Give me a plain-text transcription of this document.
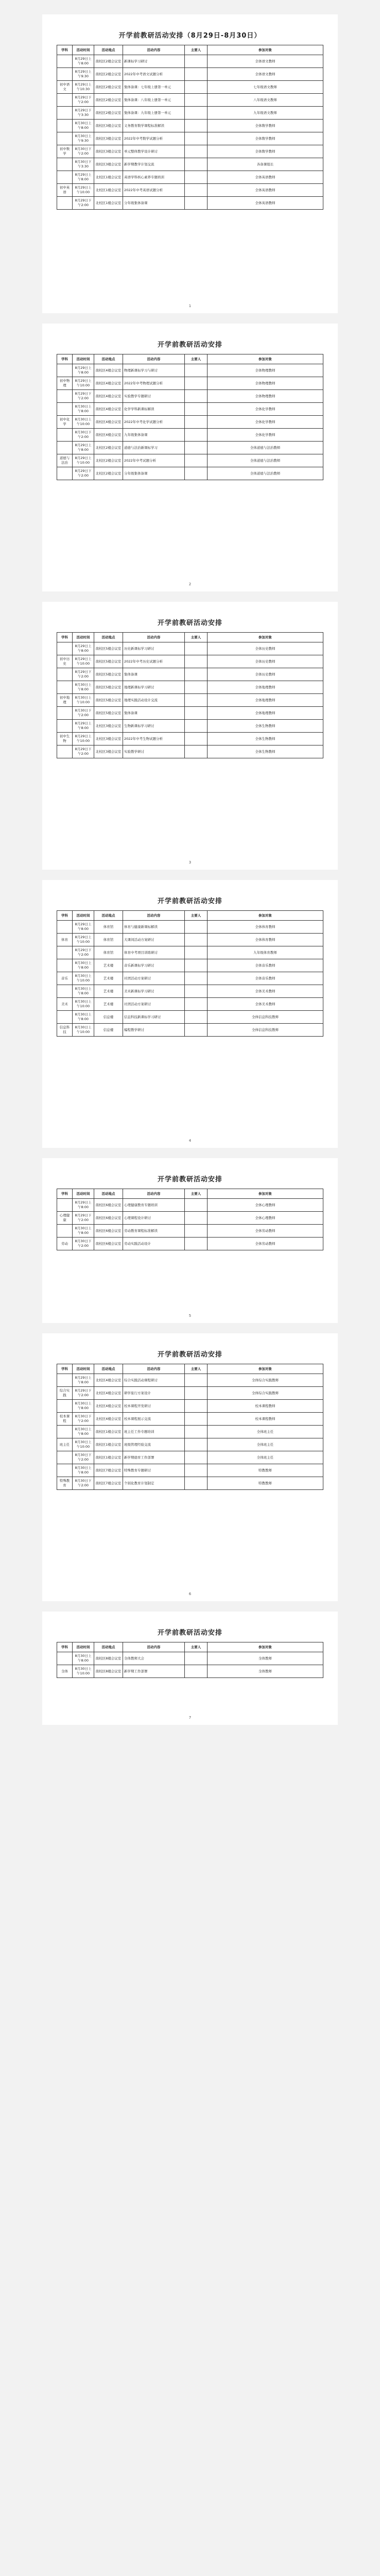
开学前教研活动安排（8月29日-8月30日）
学科	活动时间	活动地点	活动内容	主要人	参加对象
	8月29日上午8:00	南校区2楼会议室	新课标学习研讨		全体语文教师
	8月29日上午9:30	南校区2楼会议室	2022年中考语文试题分析		全体语文教师
初中语文	8月29日上午10:30	南校区2楼会议室	集体备课：七年级上册第一单元		七年级语文教师
	8月29日下午2:00	南校区2楼会议室	集体备课：八年级上册第一单元		八年级语文教师
	8月29日下午3:30	南校区2楼会议室	集体备课：九年级上册第一单元		九年级语文教师
	8月30日上午8:00	南校区3楼会议室	义务教育数学课程标准解读		全体数学教师
	8月30日上午9:30	南校区3楼会议室	2022年中考数学试题分析		全体数学教师
初中数学	8月30日下午2:00	南校区3楼会议室	单元整体教学设计研讨		全体数学教师
	8月30日下午3:30	南校区3楼会议室	新学期教学计划交流		各备课组长
	8月29日上午8:00	北校区1楼会议室	英语学科核心素养专题培训		全体英语教师
初中英语	8月29日上午10:00	北校区1楼会议室	2022年中考英语试题分析		全体英语教师
	8月29日下午2:00	北校区1楼会议室	分年级集体备课		全体英语教师
1
开学前教研活动安排
学科	活动时间	活动地点	活动内容	主要人	参加对象
	8月29日上午8:00	南校区4楼会议室	物理新课标学习与研讨		全体物理教师
初中物理	8月29日上午10:00	南校区4楼会议室	2022年中考物理试题分析		全体物理教师
	8月29日下午2:00	南校区4楼会议室	实验教学专题研讨		全体物理教师
	8月30日上午8:00	南校区4楼会议室	化学学科新课标解读		全体化学教师
初中化学	8月30日上午10:00	南校区4楼会议室	2022年中考化学试题分析		全体化学教师
	8月30日下午2:00	南校区4楼会议室	九年级集体备课		全体化学教师
	8月29日上午8:00	北校区2楼会议室	道德与法治新课标学习		全体道德与法治教师
道德与法治	8月29日上午10:00	北校区2楼会议室	2022年中考试题分析		全体道德与法治教师
	8月29日下午2:00	北校区2楼会议室	分年级集体备课		全体道德与法治教师
2
开学前教研活动安排
学科	活动时间	活动地点	活动内容	主要人	参加对象
	8月29日上午8:00	南校区5楼会议室	历史新课标学习研讨		全体历史教师
初中历史	8月29日上午10:00	南校区5楼会议室	2022年中考历史试题分析		全体历史教师
	8月29日下午2:00	南校区5楼会议室	集体备课		全体历史教师
	8月30日上午8:00	南校区5楼会议室	地理新课标学习研讨		全体地理教师
初中地理	8月30日上午10:00	南校区5楼会议室	地理实践活动设计交流		全体地理教师
	8月30日下午2:00	南校区5楼会议室	集体备课		全体地理教师
	8月29日上午8:00	北校区3楼会议室	生物新课标学习研讨		全体生物教师
初中生物	8月29日上午10:00	北校区3楼会议室	2022年中考生物试题分析		全体生物教师
	8月29日下午2:00	北校区3楼会议室	实验教学研讨		全体生物教师
3
开学前教研活动安排
学科	活动时间	活动地点	活动内容	主要人	参加对象
	8月29日上午8:00	体育馆	体育与健康新课标解读		全体体育教师
体育	8月29日上午10:00	体育馆	大课间活动方案研讨		全体体育教师
	8月29日下午2:00	体育馆	体育中考项目训练研讨		九年级体育教师
	8月30日上午8:00	艺术楼	音乐新课标学习研讨		全体音乐教师
音乐	8月30日上午10:00	艺术楼	社团活动方案研讨		全体音乐教师
	8月30日上午8:00	艺术楼	美术新课标学习研讨		全体美术教师
美术	8月30日上午10:00	艺术楼	社团活动方案研讨		全体美术教师
	8月30日上午8:00	信息楼	信息科技新课标学习研讨		全体信息科技教师
信息科技	8月30日上午10:00	信息楼	编程教学研讨		全体信息科技教师
4
开学前教研活动安排
学科	活动时间	活动地点	活动内容	主要人	参加对象
	8月29日上午8:00	南校区6楼会议室	心理健康教育专题培训		全体心理教师
心理健康	8月29日下午2:00	南校区6楼会议室	心理课程设计研讨		全体心理教师
	8月30日上午8:00	南校区6楼会议室	劳动教育课程标准解读		全体劳动教师
劳动	8月30日下午2:00	南校区6楼会议室	劳动实践活动设计		全体劳动教师
5
开学前教研活动安排
学科	活动时间	活动地点	活动内容	主要人	参加对象
	8月29日上午8:00	北校区4楼会议室	综合实践活动课程研讨		全体综合实践教师
综合实践	8月29日下午2:00	北校区4楼会议室	研学旅行方案设计		全体综合实践教师
	8月30日上午8:00	北校区4楼会议室	校本课程开发研讨		校本课程教师
校本课程	8月30日下午2:00	北校区4楼会议室	校本课程展示交流		校本课程教师
	8月30日上午8:00	南校区1楼会议室	班主任工作专题培训		全体班主任
班主任	8月30日上午10:00	南校区1楼会议室	班级管理经验交流		全体班主任
	8月30日下午2:00	南校区1楼会议室	新学期德育工作部署		全体班主任
	8月30日上午8:00	南校区7楼会议室	特殊教育专题研讨		特教教师
特殊教育	8月30日下午2:00	南校区7楼会议室	个别化教育计划制定		特教教师
6
开学前教研活动安排
学科	活动时间	活动地点	活动内容	主要人	参加对象
	8月30日上午8:00	南校区8楼会议室	全体教师大会		全体教师
全体	8月30日上午10:00	南校区8楼会议室	新学期工作部署		全体教师
7
